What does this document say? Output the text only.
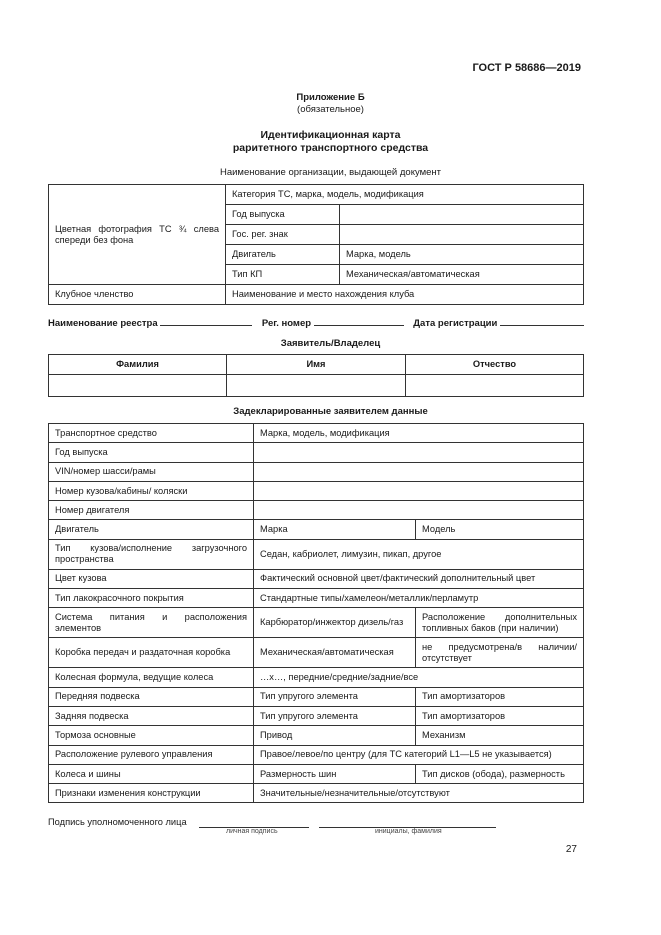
ГОСТ Р 58686—2019
Приложение Б
(обязательное)
Идентификационная карта
раритетного транспортного средства
Наименование организации, выдающей документ
Цветная фотография ТС ¾ слева спереди без фона	Категория ТС, марка, модель, модификация	
	Год выпуска	
	Гос. рег. знак	
	Двигатель	Марка, модель
	Тип КП	Механическая/автоматическая
Клубное членство	Наименование и место нахождения клуба	
Наименование реестра	Рег. номер	Дата регистрации
Заявитель/Владелец
Фамилия	Имя	Отчество

Задекларированные заявителем данные
Транспортное средство	Марка, модель, модификация	
Год выпуска		
VIN/номер шасси/рамы		
Номер кузова/кабины/ коляски		
Номер двигателя		
Двигатель	Марка	Модель
Тип кузова/исполнение загрузочного пространства	Седан, кабриолет, лимузин, пикап, другое	
Цвет кузова	Фактический основной цвет/фактический дополнительный цвет	
Тип лакокрасочного покрытия	Стандартные типы/хамелеон/металлик/перламутр	
Система питания и расположения элементов	Карбюратор/инжектор дизель/газ	Расположение дополнительных топливных баков (при наличии)
Коробка передач и раздаточная коробка	Механическая/автоматическая	не предусмотрена/в наличии/ отсутствует
Колесная формула, ведущие колеса	…x…, передние/средние/задние/все	
Передняя подвеска	Тип упругого элемента	Тип амортизаторов
Задняя подвеска	Тип упругого элемента	Тип амортизаторов
Тормоза основные	Привод	Механизм
Расположение рулевого управления	Правое/левое/по центру (для ТС категорий L1—L5 не указывается)	
Колеса и шины	Размерность шин	Тип дисков (обода), размерность
Признаки изменения конструкции	Значительные/незначительные/отсутствуют	
Подпись уполномоченного лица
личная подпись	инициалы, фамилия
27
